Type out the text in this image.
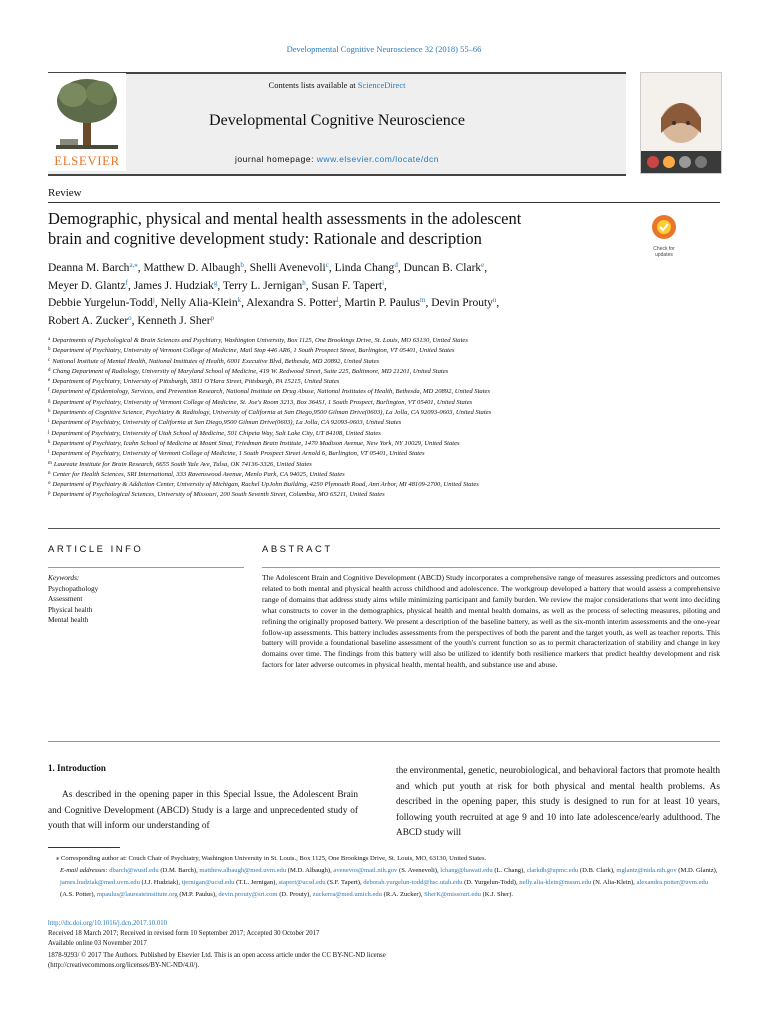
Developmental Cognitive Neuroscience 32 (2018) 55–66
Contents lists available at ScienceDirect
Developmental Cognitive Neuroscience
journal homepage: www.elsevier.com/locate/dcn
ELSEVIER
Review
Demographic, physical and mental health assessments in the adolescent
brain and cognitive development study: Rationale and description
Check for updates
Deanna M. Barch$^{a,⁎}$, Matthew D. Albaugh$^b$, Shelli Avenevoli$^c$, Linda Chang$^d$, Duncan B. Clark$^e$,
Meyer D. Glantz$^f$, James J. Hudziak$^g$, Terry L. Jernigan$^h$, Susan F. Tapert$^i$,
Debbie Yurgelun-Todd$^j$, Nelly Alia-Klein$^k$, Alexandra S. Potter$^l$, Martin P. Paulus$^m$, Devin Prouty$^n$,
Robert A. Zucker$^o$, Kenneth J. Sher$^p$
$^a$ Departments of Psychological & Brain Sciences and Psychiatry, Washington University, Box 1125, One Brookings Drive, St. Louis, MO 63130, United States
$^b$ Department of Psychiatry, University of Vermont College of Medicine, Mail Stop 446 AR6, 1 South Prospect Street, Burlington, VT 05401, United States
$^c$ National Institute of Mental Health, National Institutes of Health, 6001 Executive Blvd, Bethesda, MD 20892, United States
$^d$ Chang Department of Radiology, University of Maryland School of Medicine, 419 W. Redwood Street, Suite 225, Baltimore, MD 21201, United States
$^e$ Department of Psychiatry, University of Pittsburgh, 3811 O'Hara Street, Pittsburgh, PA 15215, United States
$^f$ Department of Epidemiology, Services, and Prevention Research, National Institute on Drug Abuse, National Institutes of Health, Bethesda, MD 20892, United States
$^g$ Department of Psychiatry, University of Vermont College of Medicine, St. Joe's Room 3213, Box 364SJ, 1 South Prospect, Burlington, VT 05401, United States
$^h$ Departments of Cognitive Science, Psychiatry & Radiology, University of California at San Diego,9500 Gilman Drive(0603), La Jolla, CA 92093-0603, United States
$^i$ Department of Psychiatry, University of California at San Diego,9500 Gilman Drive(0603), La Jolla, CA 92093-0603, United States
$^j$ Department of Psychiatry, University of Utah School of Medicine, 501 Chipeta Way, Salt Lake City, UT 84108, United States
$^k$ Department of Psychiatry, Icahn School of Medicine at Mount Sinai, Friedman Brain Institute, 1470 Madison Avenue, New York, NY 10029, United States
$^l$ Department of Psychiatry, University of Vermont College of Medicine, 1 South Prospect Street Arnold 6, Burlington, VT 05401, United States
$^m$ Laureate Institute for Brain Research, 6655 South Yale Ave, Tulsa, OK 74136-3326, United States
$^n$ Center for Health Sciences, SRI International, 333 Ravenswood Avenue, Menlo Park, CA 94025, United States
$^o$ Department of Psychiatry & Addiction Center, University of Michigan, Rachel UpJohn Building, 4250 Plymouth Road, Ann Arbor, MI 48109-2700, United States
$^p$ Department of Psychological Sciences, University of Missouri, 200 South Seventh Street, Columbia, MO 65211, United States
ARTICLE INFO	ABSTRACT
Keywords:
Psychopathology
Assessment
Physical health
Mental health
The Adolescent Brain and Cognitive Development (ABCD) Study incorporates a comprehensive range of measures assessing predictors and outcomes related to both mental and physical health across childhood and adolescence. The workgroup developed a battery that would assess a comprehensive range of domains that address study aims while minimizing participant and family burden. We review the major considerations that went into deciding what constructs to cover in the demographics, physical health and mental health domains, as well as the process of selecting measures, piloting and refining the originally proposed battery. We present a description of the baseline battery, as well as the six-month interim assessments and the one-year follow-up assessments. This battery includes assessments from the perspectives of both the parent and the target youth, as well as teacher reports. This battery will provide a foundational baseline assessment of the youth's current function so as to permit characterization of stability and change in key domains over time. The findings from this battery will also be utilized to identify both resilience markers that predict healthy development and risk factors for later adverse outcomes in physical health, mental health, and substance use and abuse.
1. Introduction
As described in the opening paper in this Special Issue, the Adolescent Brain and Cognitive Development (ABCD) Study is a large and unprecedented study of youth that will inform our understanding of
the environmental, genetic, neurobiological, and behavioral factors that promote health and which put youth at risk for both physical and mental health problems. As described in the opening paper, this study is designed to run for at least 10 years, following youth recruited at age 9 and 10 into late adolescence/early adulthood. The ABCD study will
⁎ Corresponding author at: Couch Chair of Psychiatry, Washington University in St. Louis., Box 1125, One Brookings Drive, St. Louis, MO, 63130, United States.
E-mail addresses: dbarch@wustl.edu (D.M. Barch), matthew.albaugh@med.uvm.edu (M.D. Albaugh), avenevos@mail.nih.gov (S. Avenevoli), lchang@hawaii.edu (L. Chang), clarkdb@upmc.edu (D.B. Clark), mglantz@nida.nih.gov (M.D. Glantz), james.hudziak@med.uvm.edu (J.J. Hudziak), tjernigan@ucsd.edu (T.L. Jernigan), stapert@ucsd.edu (S.F. Tapert), deborah.yurgelun-todd@hsc.utah.edu (D. Yurgelun-Todd), nelly.alia-klein@mssm.edu (N. Alia-Klein), alexandra.potter@uvm.edu (A.S. Potter), mpaulus@laureateinstitute.org (M.P. Paulus), devin.prouty@sri.com (D. Prouty), zuckerra@med.umich.edu (R.A. Zucker), SherK@missouri.edu (K.J. Sher).
http://dx.doi.org/10.1016/j.dcn.2017.10.010
Received 18 March 2017; Received in revised form 10 September 2017; Accepted 30 October 2017
Available online 03 November 2017
1878-9293/ © 2017 The Authors. Published by Elsevier Ltd. This is an open access article under the CC BY-NC-ND license
(http://creativecommons.org/licenses/BY-NC-ND/4.0/).
